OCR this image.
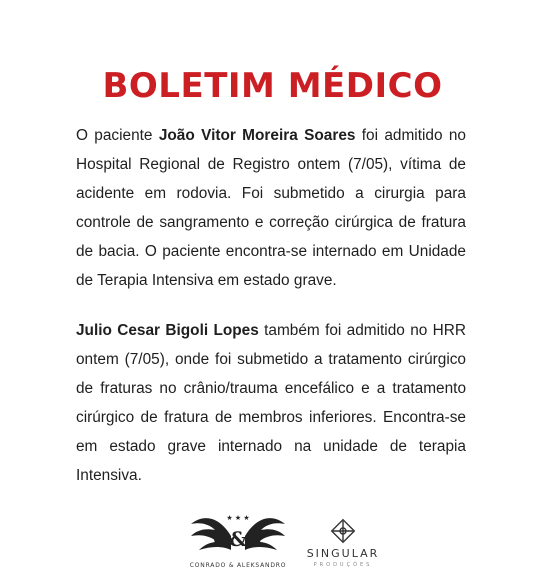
BOLETIM MÉDICO

O paciente João Vitor Moreira Soares foi admitido no Hospital Regional de Registro ontem (7/05), vítima de acidente em rodovia. Foi submetido a cirurgia para controle de sangramento e correção cirúrgica de fratura de bacia. O paciente encontra-se internado em Unidade de Terapia Intensiva em estado grave.

Julio Cesar Bigoli Lopes também foi admitido no HRR ontem (7/05), onde foi submetido a tratamento cirúrgico de fraturas no crânio/trauma encefálico e a tratamento cirúrgico de fratura de membros inferiores. Encontra-se em estado grave internado na unidade de terapia Intensiva.

★ ★ ★
C&A
CONRADO & ALEKSANDRO
SINGULAR
PRODUÇÕES
